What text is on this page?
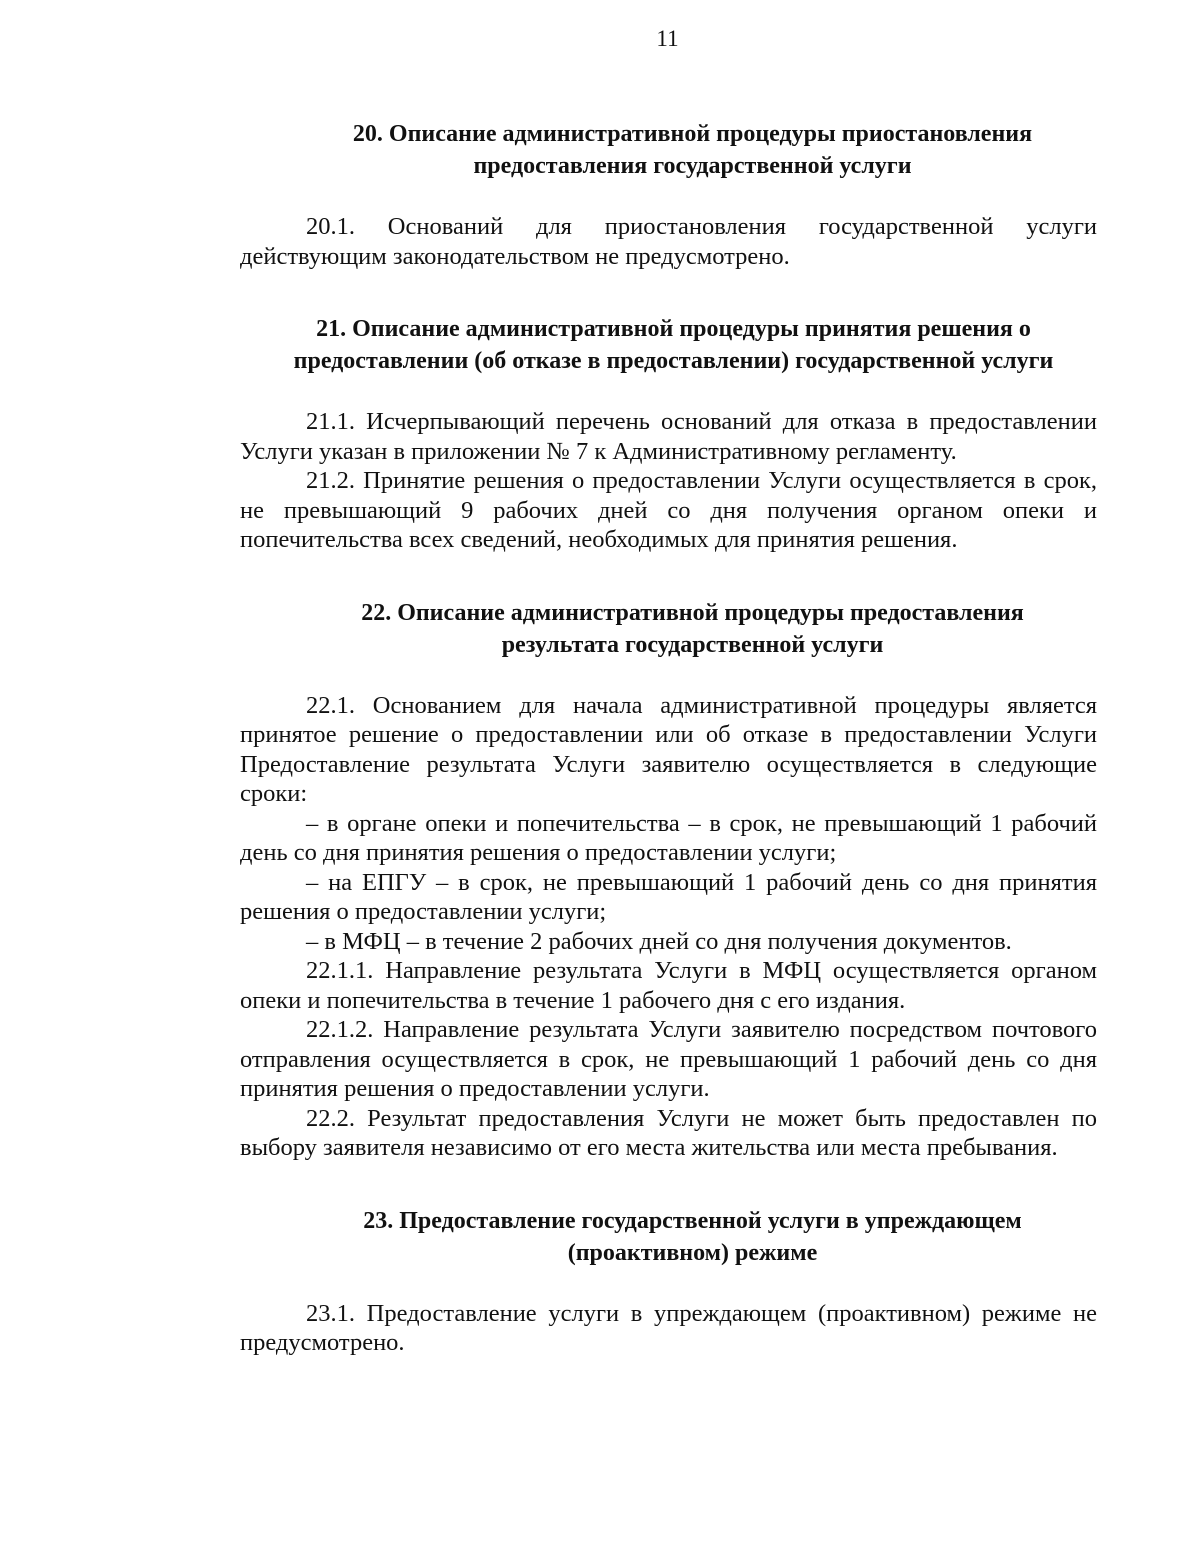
11
20. Описание административной процедуры приостановления
предоставления государственной услуги

20.1. Оснований для приостановления государственной услуги действующим законодательством не предусмотрено.

21. Описание административной процедуры принятия решения о
предоставлении (об отказе в предоставлении) государственной услуги

21.1. Исчерпывающий перечень оснований для отказа в предоставлении Услуги указан в приложении № 7 к Административному регламенту.

21.2. Принятие решения о предоставлении Услуги осуществляется в срок, не превышающий 9 рабочих дней со дня получения органом опеки и попечительства всех сведений, необходимых для принятия решения.

22. Описание административной процедуры предоставления
результата государственной услуги

22.1. Основанием для начала административной процедуры является принятое решение о предоставлении или об отказе в предоставлении Услуги Предоставление результата Услуги заявителю осуществляется в следующие сроки:

– в органе опеки и попечительства – в срок, не превышающий 1 рабочий день со дня принятия решения о предоставлении услуги;

– на ЕПГУ – в срок, не превышающий 1 рабочий день со дня принятия решения о предоставлении услуги;

– в МФЦ – в течение 2 рабочих дней со дня получения документов.

22.1.1. Направление результата Услуги в МФЦ осуществляется органом опеки и попечительства в течение 1 рабочего дня с его издания.

22.1.2. Направление результата Услуги заявителю посредством почтового отправления осуществляется в срок, не превышающий 1 рабочий день со дня принятия решения о предоставлении услуги.

22.2. Результат предоставления Услуги не может быть предоставлен по выбору заявителя независимо от его места жительства или места пребывания.

23. Предоставление государственной услуги в упреждающем
(проактивном) режиме

23.1. Предоставление услуги в упреждающем (проактивном) режиме не предусмотрено.
